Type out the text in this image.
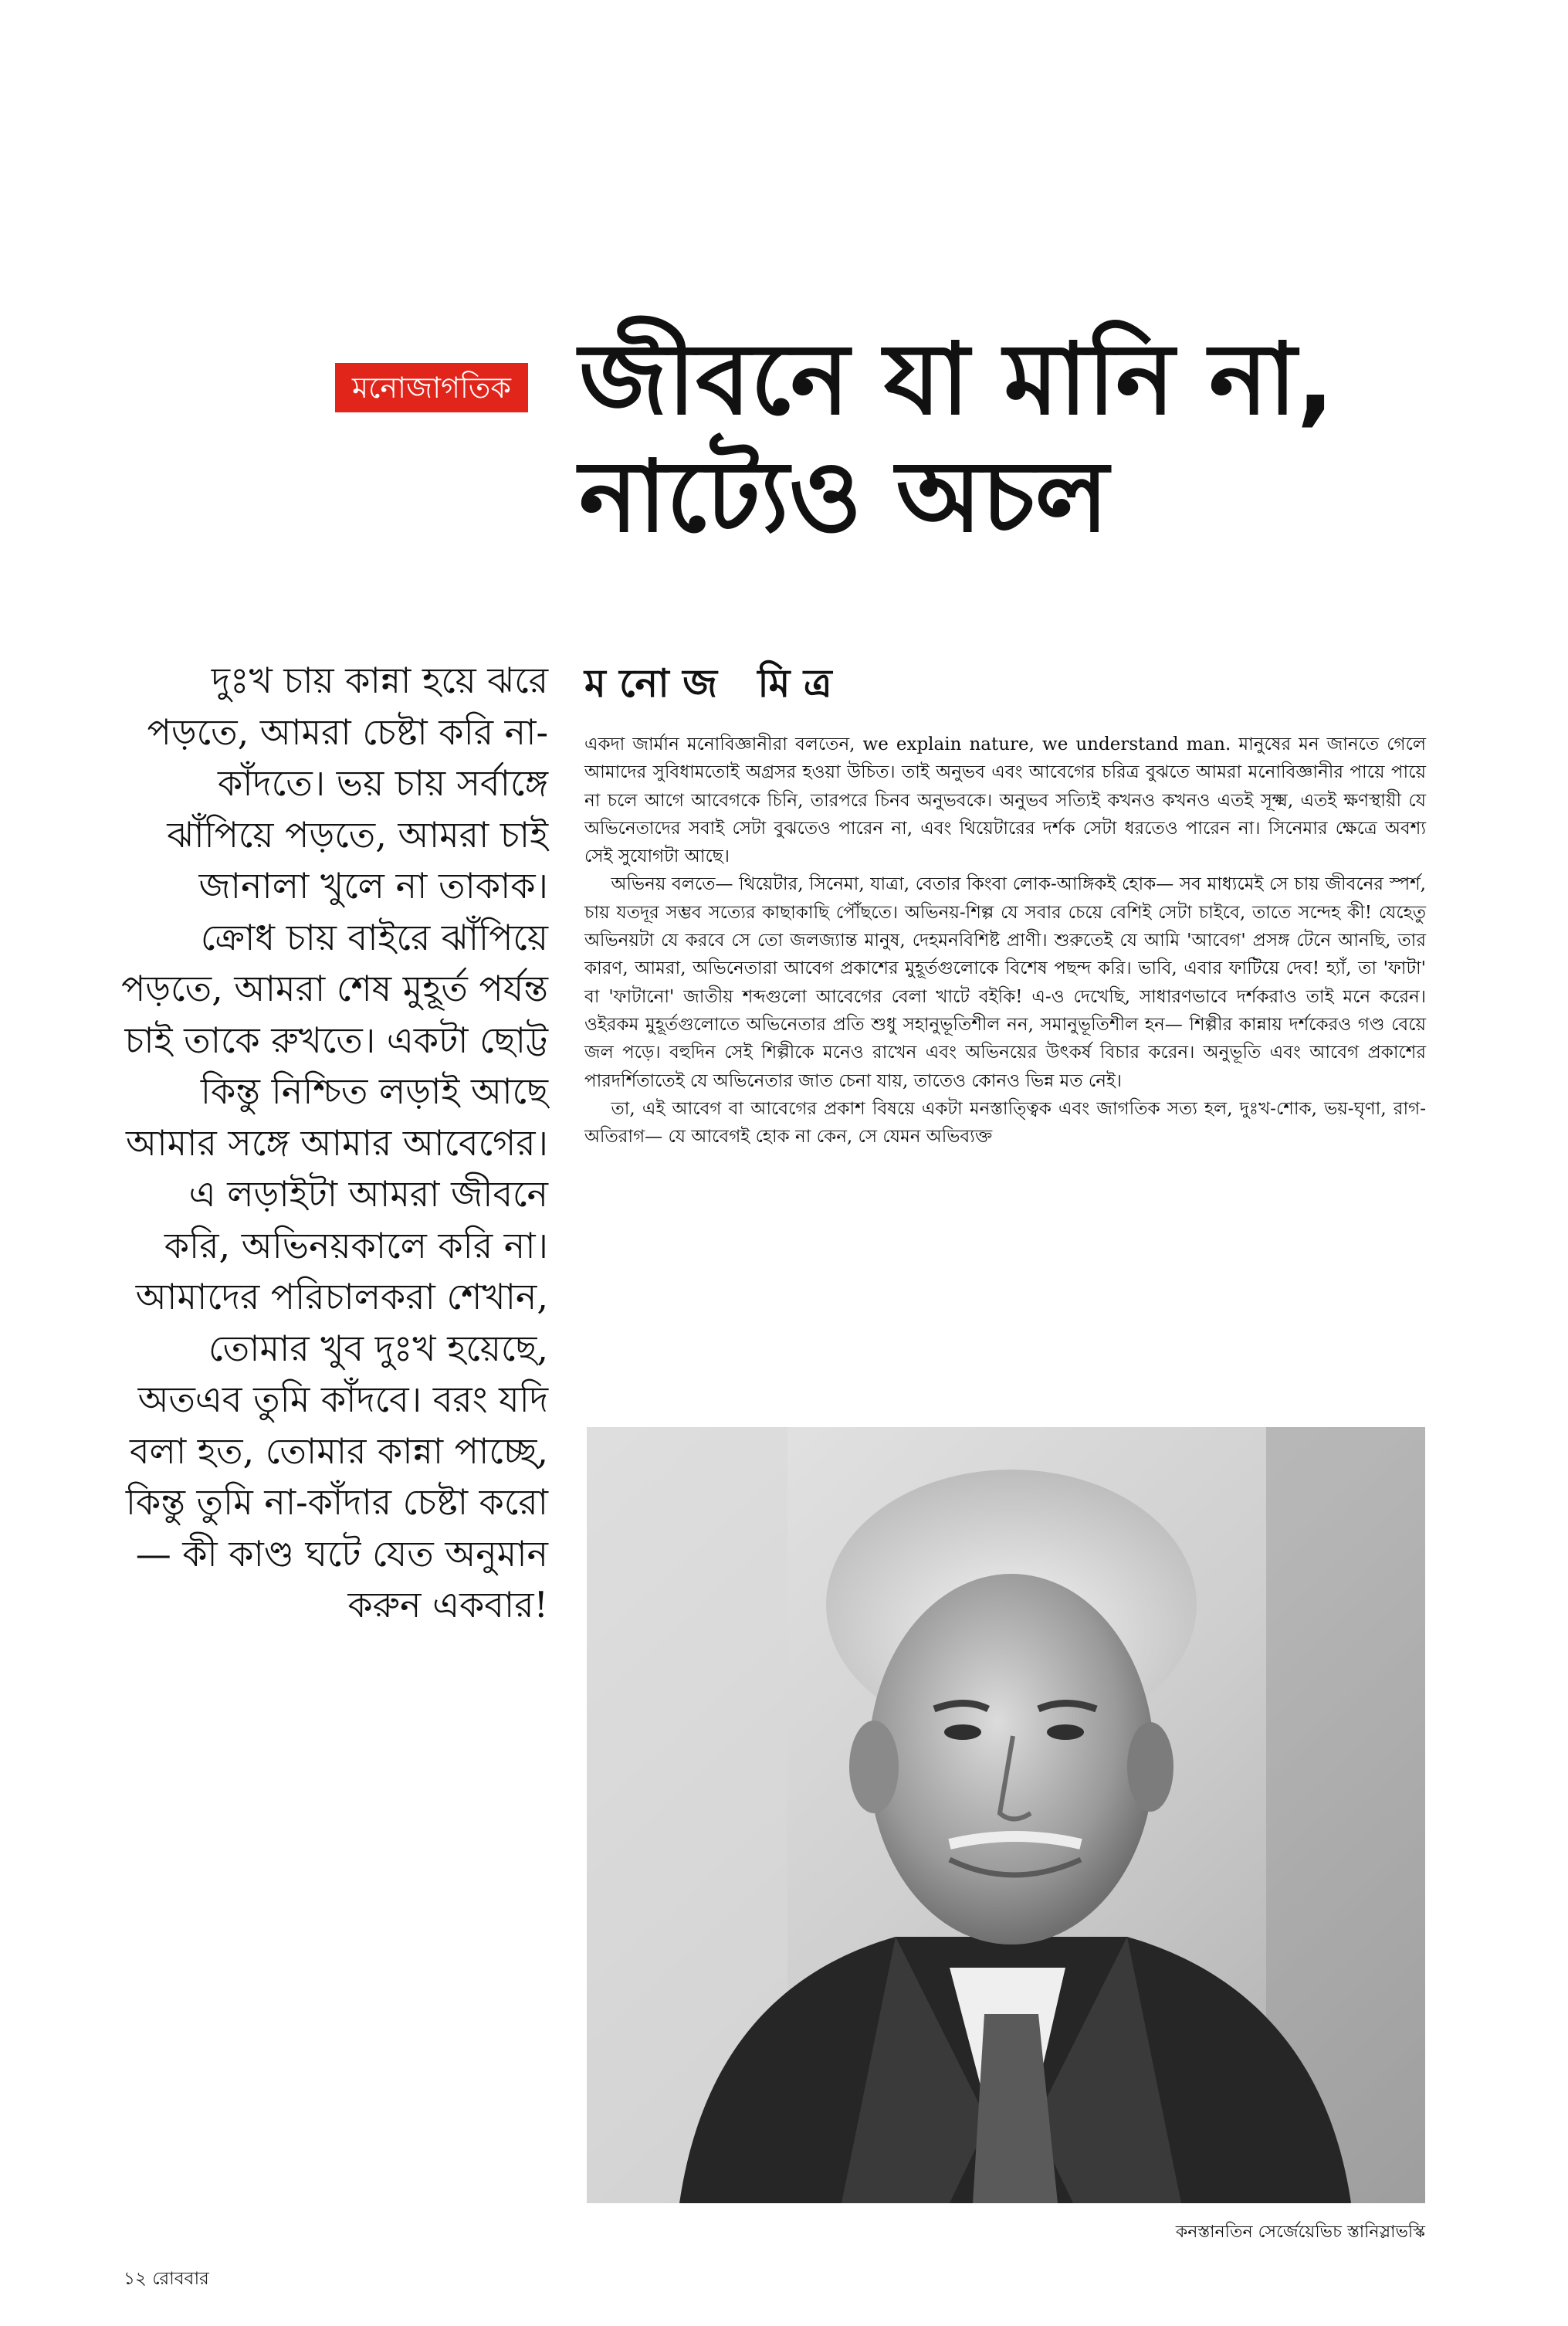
মনোজাগতিক জীবনে যা মানি না,
নাট্যেও অচল

দুঃখ চায় কান্না হয়ে ঝরে পড়তে, আমরা চেষ্টা করি না-কাঁদতে। ভয় চায় সর্বাঙ্গে ঝাঁপিয়ে পড়তে, আমরা চাই জানালা খুলে না তাকাক। ক্রোধ চায় বাইরে ঝাঁপিয়ে পড়তে, আমরা শেষ মুহূর্ত পর্যন্ত চাই তাকে রুখতে। একটা ছোট্ট কিন্তু নিশ্চিত লড়াই আছে আমার সঙ্গে আমার আবেগের। এ লড়াইটা আমরা জীবনে করি, অভিনয়কালে করি না। আমাদের পরিচালকরা শেখান, তোমার খুব দুঃখ হয়েছে, অতএব তুমি কাঁদবে। বরং যদি বলা হত, তোমার কান্না পাচ্ছে, কিন্তু তুমি না-কাঁদার চেষ্টা করো— কী কাণ্ড ঘটে যেত অনুমান করুন একবার!

মনোজ মিত্র

একদা জার্মান মনোবিজ্ঞানীরা বলতেন, we explain nature, we understand man. মানুষের মন জানতে গেলে আমাদের সুবিধামতোই অগ্রসর হওয়া উচিত। তাই অনুভব এবং আবেগের চরিত্র বুঝতে আমরা মনোবিজ্ঞানীর পায়ে পায়ে না চলে আগে আবেগকে চিনি, তারপরে চিনব অনুভবকে। অনুভব সত্যিই কখনও কখনও এতই সূক্ষ্ম, এতই ক্ষণস্থায়ী যে অভিনেতাদের সবাই সেটা বুঝতেও পারেন না, এবং থিয়েটারের দর্শক সেটা ধরতেও পারেন না। সিনেমার ক্ষেত্রে অবশ্য সেই সুযোগটা আছে।

অভিনয় বলতে— থিয়েটার, সিনেমা, যাত্রা, বেতার কিংবা লোক-আঙ্গিকই হোক— সব মাধ্যমেই সে চায় জীবনের স্পর্শ, চায় যতদূর সম্ভব সত্যের কাছাকাছি পৌঁছতে। অভিনয়-শিল্প যে সবার চেয়ে বেশিই সেটা চাইবে, তাতে সন্দেহ কী! যেহেতু অভিনয়টা যে করবে সে তো জলজ্যান্ত মানুষ, দেহমনবিশিষ্ট প্রাণী। শুরুতেই যে আমি 'আবেগ' প্রসঙ্গ টেনে আনছি, তার কারণ, আমরা, অভিনেতারা আবেগ প্রকাশের মুহূর্তগুলোকে বিশেষ পছন্দ করি। ভাবি, এবার ফাটিয়ে দেব! হ্যাঁ, তা 'ফাটা' বা 'ফাটানো' জাতীয় শব্দগুলো আবেগের বেলা খাটে বইকি! এ-ও দেখেছি, সাধারণভাবে দর্শকরাও তাই মনে করেন। ওইরকম মুহূর্তগুলোতে অভিনেতার প্রতি শুধু সহানুভূতিশীল নন, সমানুভূতিশীল হন— শিল্পীর কান্নায় দর্শকেরও গণ্ড বেয়ে জল পড়ে। বহুদিন সেই শিল্পীকে মনেও রাখেন এবং অভিনয়ের উৎকর্ষ বিচার করেন। অনুভূতি এবং আবেগ প্রকাশের পারদর্শিতাতেই যে অভিনেতার জাত চেনা যায়, তাতেও কোনও ভিন্ন মত নেই।

তা, এই আবেগ বা আবেগের প্রকাশ বিষয়ে একটা মনস্তাত্ত্বিক এবং জাগতিক সত্য হল, দুঃখ-শোক, ভয়-ঘৃণা, রাগ-অতিরাগ— যে আবেগই হোক না কেন, সে যেমন অভিব্যক্ত

কনস্তানতিন সের্জেয়েভিচ স্তানিস্লাভস্কি
১২ রোববার
